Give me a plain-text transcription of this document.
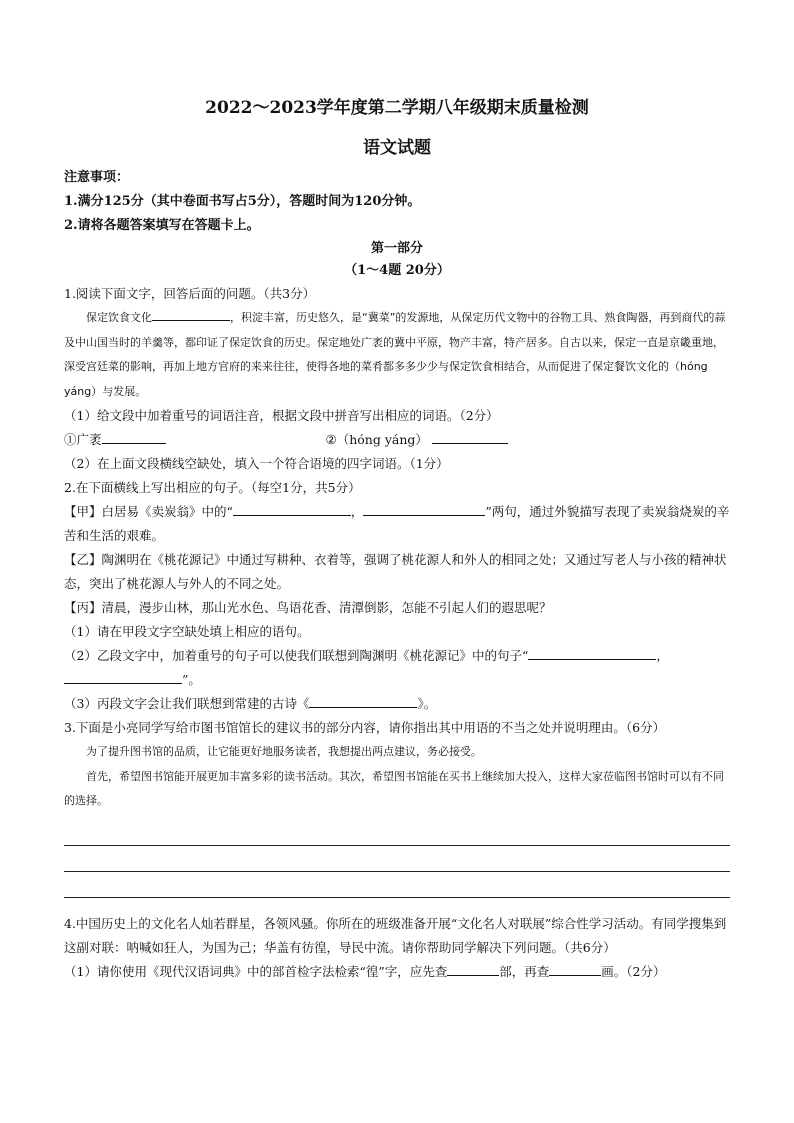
2022～2023学年度第二学期八年级期末质量检测
语文试题
注意事项：
1.满分125分（其中卷面书写占5分），答题时间为120分钟。
2.请将各题答案填写在答题卡上。
第一部分
（1～4题 20分）

1.阅读下面文字，回答后面的问题。（共3分）

保定饮食文化	，积淀丰富，历史悠久，是“冀菜”的发源地，从保定历代文物中的谷物工具、熟食陶器，再到商代的蒜及中山国当时的羊羹等，都印证了保定饮食的历史。保定地处广袤的冀中平原，物产丰富，特产居多。自古以来，保定一直是京畿重地，深受宫廷菜的影响，再加上地方官府的来来往往，使得各地的菜肴都多多少少与保定饮食相结合，从而促进了保定餐饮文化的（hóng yáng）与发展。

（1）给文段中加着重号的词语注音，根据文段中拼音写出相应的词语。（2分）

①广袤	②（hóng yáng）

（2）在上面文段横线空缺处，填入一个符合语境的四字词语。（1分）

2.在下面横线上写出相应的句子。（每空1分，共5分）

【甲】白居易《卖炭翁》中的“	，	”两句，通过外貌描写表现了卖炭翁烧炭的辛苦和生活的艰难。

【乙】陶渊明在《桃花源记》中通过写耕种、衣着等，强调了桃花源人和外人的相同之处；又通过写老人与小孩的精神状态，突出了桃花源人与外人的不同之处。

【丙】清晨，漫步山林，那山光水色、鸟语花香、清潭倒影，怎能不引起人们的遐思呢？

（1）请在甲段文字空缺处填上相应的语句。

（2）乙段文字中，加着重号的句子可以使我们联想到陶渊明《桃花源记》中的句子“	，
”。

（3）丙段文字会让我们联想到常建的古诗《	》。

3.下面是小亮同学写给市图书馆馆长的建议书的部分内容，请你指出其中用语的不当之处并说明理由。（6分）

为了提升图书馆的品质，让它能更好地服务读者，我想提出两点建议，务必接受。

首先，希望图书馆能开展更加丰富多彩的读书活动。其次，希望图书馆能在买书上继续加大投入，这样大家莅临图书馆时可以有不同的选择。

4.中国历史上的文化名人灿若群星，各领风骚。你所在的班级准备开展“文化名人对联展”综合性学习活动。有同学搜集到这副对联：呐喊如狂人，为国为己；华盖有彷徨，导民中流。请你帮助同学解决下列问题。（共6分）

（1）请你使用《现代汉语词典》中的部首检字法检索“徨”字，应先查	部，再查	画。（2分）
